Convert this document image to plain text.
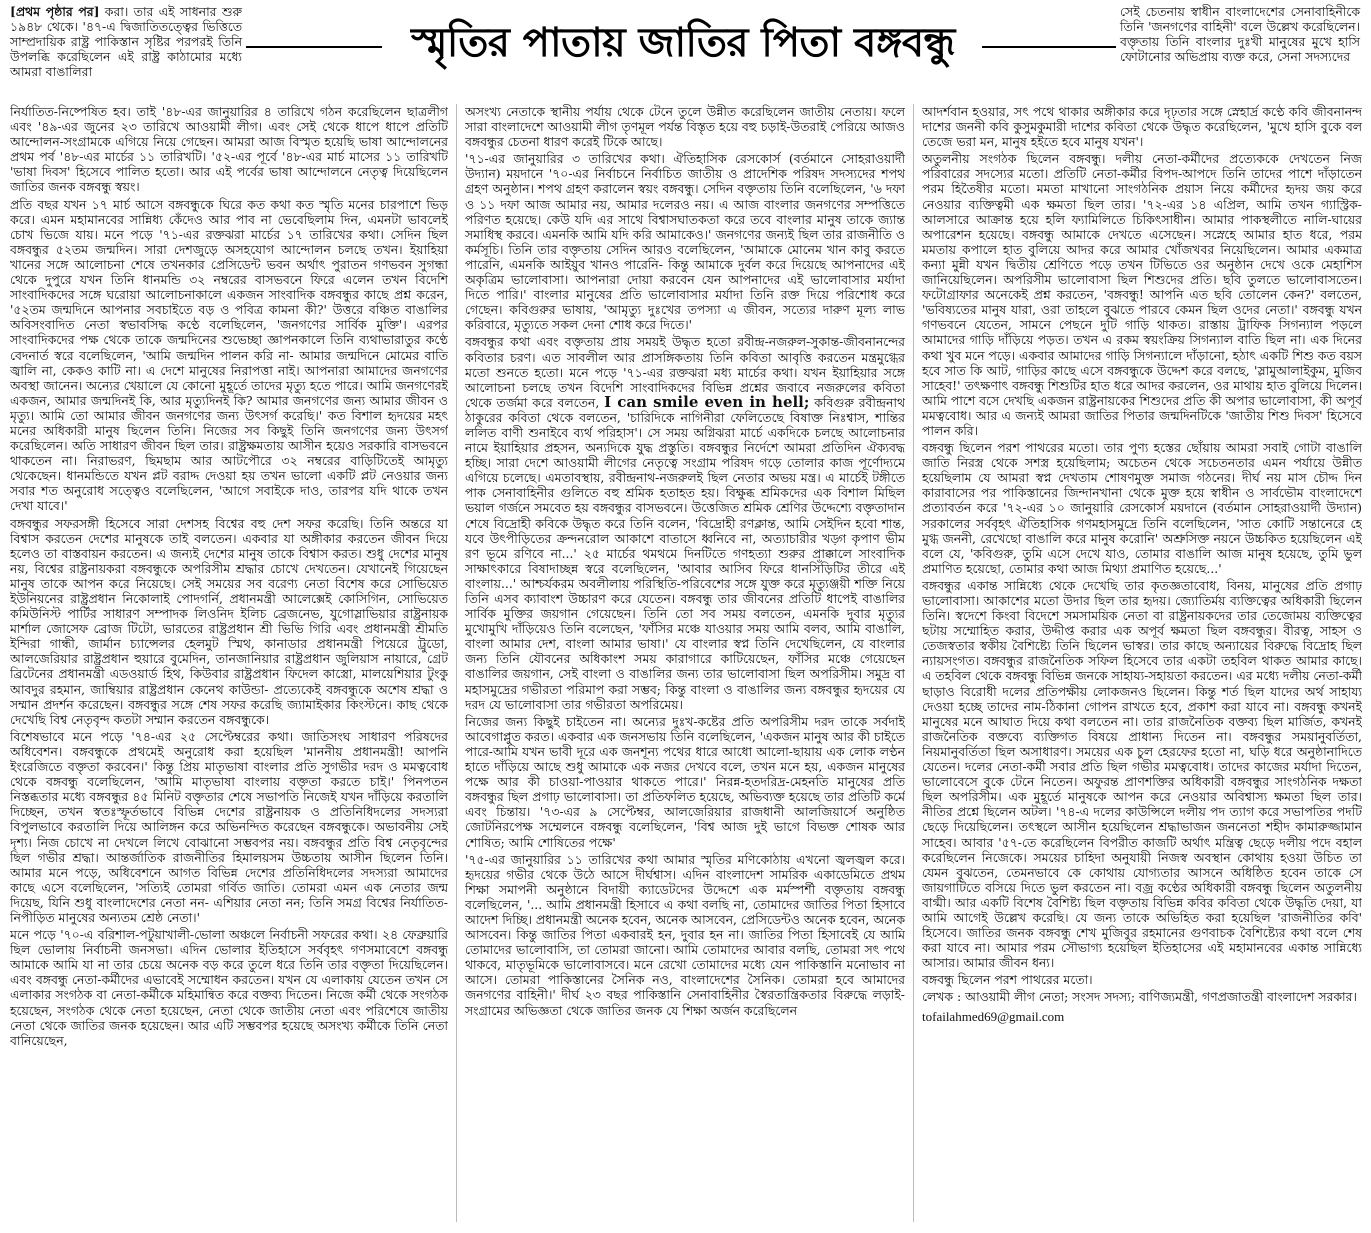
[প্রথম পৃষ্ঠার পর] করা। তার এই সাধনার শুরু ১৯৪৮ থেকে। '৪৭-এ দ্বিজাতিতত্ত্বের ভিত্তিতে সাম্প্রদায়িক রাষ্ট্র পাকিস্তান সৃষ্টির পরপরই তিনি উপলব্ধি করেছিলেন এই রাষ্ট্র কাঠামোর মধ্যে আমরা বাঙালিরা
স্মৃতির পাতায় জাতির পিতা বঙ্গবন্ধু
সেই চেতনায় স্বাধীন বাংলাদেশের সেনাবাহিনীকে তিনি 'জনগণের বাহিনী' বলে উল্লেখ করেছিলেন। বক্তৃতায় তিনি বাংলার দুঃখী মানুষের মুখে হাসি ফোটানোর অভিপ্রায় ব্যক্ত করে, সেনা সদস্যদের

নির্যাতিত-নিষ্পেষিত হব। তাই '৪৮-এর জানুয়ারির ৪ তারিখে গঠন করেছিলেন ছাত্রলীগ এবং '৪৯-এর জুনের ২৩ তারিখে আওয়ামী লীগ। এবং সেই থেকে ধাপে ধাপে প্রতিটি আন্দোলন-সংগ্রামকে এগিয়ে নিয়ে গেছেন। আমরা আজ বিস্মৃত হয়েছি ভাষা আন্দোলনের প্রথম পর্ব '৪৮-এর মার্চের ১১ তারিখটি। '৫২-এর পূর্বে '৪৮-এর মার্চ মাসের ১১ তারিখটি 'ভাষা দিবস' হিসেবে পালিত হতো। আর এই পর্বের ভাষা আন্দোলনে নেতৃত্ব দিয়েছিলেন জাতির জনক বঙ্গবন্ধু স্বয়ং।

প্রতি বছর যখন ১৭ মার্চ আসে বঙ্গবন্ধুকে ঘিরে কত কথা কত স্মৃতি মনের চারপাশে ভিড় করে। এমন মহামানবের সান্নিধ্য কেঁদেও আর পাব না ভেবেছিলাম দিন, এমনটা ভাবলেই চোখ ভিজে যায়। মনে পড়ে '৭১-এর রক্তঝরা মার্চের ১৭ তারিখের কথা। সেদিন ছিল বঙ্গবন্ধুর ৫২তম জন্মদিন। সারা দেশজুড়ে অসহযোগ আন্দোলন চলছে তখন। ইয়াহিয়া খানের সঙ্গে আলোচনা শেষে তখনকার প্রেসিডেন্ট ভবন অর্থাৎ পুরাতন গণভবন সুগন্ধা থেকে দুপুরে যখন তিনি ধানমন্ডি ৩২ নম্বরের বাসভবনে ফিরে এলেন তখন বিদেশি সাংবাদিকদের সঙ্গে ঘরোয়া আলোচনাকালে একজন সাংবাদিক বঙ্গবন্ধুর কাছে প্রশ্ন করেন, '৫২তম জন্মদিনে আপনার সবচাইতে বড় ও পবিত্র কামনা কী?' উত্তরে বঞ্চিত বাঙালির অবিসংবাদিত নেতা স্বভাবসিদ্ধ কণ্ঠে বলেছিলেন, 'জনগণের সার্বিক মুক্তি'। এরপর সাংবাদিকদের পক্ষ থেকে তাকে জন্মদিনের শুভেচ্ছা জ্ঞাপনকালে তিনি ব্যথাভারাতুর কণ্ঠে বেদনার্ত স্বরে বলেছিলেন, 'আমি জন্মদিন পালন করি না- আমার জন্মদিনে মোমের বাতি জ্বালি না, কেকও কাটি না। এ দেশে মানুষের নিরাপত্তা নাই। আপনারা আমাদের জনগণের অবস্থা জানেন। অন্যের খেয়ালে যে কোনো মুহূর্তে তাদের মৃত্যু হতে পারে। আমি জনগণেরই একজন, আমার জন্মদিনই কি, আর মৃত্যুদিনই কি? আমার জনগণের জন্য আমার জীবন ও মৃত্যু। আমি তো আমার জীবন জনগণের জন্য উৎসর্গ করেছি।' কত বিশাল হৃদয়ের মহৎ মনের অধিকারী মানুষ ছিলেন তিনি। নিজের সব কিছুই তিনি জনগণের জন্য উৎসর্গ করেছিলেন। অতি সাধারণ জীবন ছিল তার। রাষ্ট্রক্ষমতায় আসীন হয়েও সরকারি বাসভবনে থাকতেন না। নিরাভরণ, ছিমছাম আর আটপৌরে ৩২ নম্বরের বাড়িটিতেই আমৃত্যু থেকেছেন। ধানমন্ডিতে যখন প্লট বরাদ্দ দেওয়া হয় তখন ভালো একটি প্লট নেওয়ার জন্য সবার শত অনুরোধ সত্ত্বেও বলেছিলেন, 'আগে সবাইকে দাও, তারপর যদি থাকে তখন দেখা যাবে।'

বঙ্গবন্ধুর সফরসঙ্গী হিসেবে সারা দেশসহ বিশ্বের বহু দেশ সফর করেছি। তিনি অন্তরে যা বিশ্বাস করতেন দেশের মানুষকে তাই বলতেন। একবার যা অঙ্গীকার করতেন জীবন দিয়ে হলেও তা বাস্তবায়ন করতেন। এ জন্যই দেশের মানুষ তাকে বিশ্বাস করত। শুধু দেশের মানুষ নয়, বিশ্বের রাষ্ট্রনায়করা বঙ্গবন্ধুকে অপরিসীম শ্রদ্ধার চোখে দেখতেন। যেখানেই গিয়েছেন মানুষ তাকে আপন করে নিয়েছে। সেই সময়ের সব বরেণ্য নেতা বিশেষ করে সোভিয়েত ইউনিয়নের রাষ্ট্রপ্রধান নিকোলাই পোদগর্নি, প্রধানমন্ত্রী আলেক্সেই কোসিগিন, সোভিয়েত কমিউনিস্ট পার্টির সাধারণ সম্পাদক লিওনিদ ইলিচ ব্রেজনেভ, যুগোস্লাভিয়ার রাষ্ট্রনায়ক মার্শাল জোসেফ ব্রোজ টিটো, ভারতের রাষ্ট্রপ্রধান শ্রী ভিভি গিরি এবং প্রধানমন্ত্রী শ্রীমতি ইন্দিরা গান্ধী, জার্মান চ্যান্সেলর হেলমুট স্মিথ, কানাডার প্রধানমন্ত্রী পিয়েরে ট্রুডো, আলজেরিয়ার রাষ্ট্রপ্রধান হুয়ারে বুমেদিন, তানজানিয়ার রাষ্ট্রপ্রধান জুলিয়াস নায়ারে, গ্রেট ব্রিটেনের প্রধানমন্ত্রী এডওয়ার্ড হিথ, কিউবার রাষ্ট্রপ্রধান ফিদেল কাস্ত্রো, মালয়েশিয়ার টুংকু আবদুর রহমান, জাম্বিয়ার রাষ্ট্রপ্রধান কেনেথ কাউন্ডা- প্রত্যেকেই বঙ্গবন্ধুকে অশেষ শ্রদ্ধা ও সম্মান প্রদর্শন করেছেন। বঙ্গবন্ধুর সঙ্গে শেষ সফর করেছি জ্যামাইকার কিংস্টনে। কাছ থেকে দেখেছি বিশ্ব নেতৃবৃন্দ কতটা সম্মান করতেন বঙ্গবন্ধুকে।

বিশেষভাবে মনে পড়ে '৭৪-এর ২৫ সেপ্টেম্বরের কথা। জাতিসংঘ সাধারণ পরিষদের অধিবেশন। বঙ্গবন্ধুকে প্রথমেই অনুরোধ করা হয়েছিল 'মাননীয় প্রধানমন্ত্রী! আপনি ইংরেজিতে বক্তৃতা করবেন।' কিন্তু প্রিয় মাতৃভাষা বাংলার প্রতি সুগভীর দরদ ও মমত্ববোধ থেকে বঙ্গবন্ধু বলেছিলেন, 'আমি মাতৃভাষা বাংলায় বক্তৃতা করতে চাই।' পিনপতন নিস্তব্ধতার মধ্যে বঙ্গবন্ধুর ৪৫ মিনিট বক্তৃতার শেষে সভাপতি নিজেই যখন দাঁড়িয়ে করতালি দিচ্ছেন, তখন স্বতঃস্ফূর্তভাবে বিভিন্ন দেশের রাষ্ট্রনায়ক ও প্রতিনিধিদলের সদস্যরা বিপুলভাবে করতালি দিয়ে আলিঙ্গন করে অভিনন্দিত করেছেন বঙ্গবন্ধুকে। অভাবনীয় সেই দৃশ্য। নিজ চোখে না দেখলে লিখে বোঝানো সম্ভবপর নয়। বঙ্গবন্ধুর প্রতি বিশ্ব নেতৃবৃন্দের ছিল গভীর শ্রদ্ধা। আন্তর্জাতিক রাজনীতির হিমালয়সম উচ্চতায় আসীন ছিলেন তিনি। আমার মনে পড়ে, অধিবেশনে আগত বিভিন্ন দেশের প্রতিনিধিদলের সদস্যরা আমাদের কাছে এসে বলেছিলেন, 'সত্যিই তোমরা গর্বিত জাতি। তোমরা এমন এক নেতার জন্ম দিয়েছ, যিনি শুধু বাংলাদেশের নেতা নন- এশিয়ার নেতা নন; তিনি সমগ্র বিশ্বের নির্যাতিত-নিপীড়িত মানুষের অন্যতম শ্রেষ্ঠ নেতা।'

মনে পড়ে '৭০-এ বরিশাল-পটুয়াখালী-ভোলা অঞ্চলে নির্বাচনী সফরের কথা। ২৪ ফেব্রুয়ারি ছিল ভোলায় নির্বাচনী জনসভা। এদিন ভোলার ইতিহাসে সর্ববৃহৎ গণসমাবেশে বঙ্গবন্ধু আমাকে আমি যা না তার চেয়ে অনেক বড় করে তুলে ধরে তিনি তার বক্তৃতা দিয়েছিলেন। এবং বঙ্গবন্ধু নেতা-কর্মীদের এভাবেই সম্মোধন করতেন। যখন যে এলাকায় যেতেন তখন সে এলাকার সংগঠক বা নেতা-কর্মীকে মহিমান্বিত করে বক্তব্য দিতেন। নিজে কর্মী থেকে সংগঠক হয়েছেন, সংগঠক থেকে নেতা হয়েছেন, নেতা থেকে জাতীয় নেতা এবং পরিশেষে জাতীয় নেতা থেকে জাতির জনক হয়েছেন। আর এটি সম্ভবপর হয়েছে অসংখ্য কর্মীকে তিনি নেতা বানিয়েছেন,

অসংখ্য নেতাকে স্থানীয় পর্যায় থেকে টেনে তুলে উন্নীত করেছিলেন জাতীয় নেতায়। ফলে সারা বাংলাদেশে আওয়ামী লীগ তৃণমূল পর্যন্ত বিস্তৃত হয়ে বহু চড়াই-উতরাই পেরিয়ে আজও বঙ্গবন্ধুর চেতনা ধারণ করেই টিকে আছে।

'৭১-এর জানুয়ারির ৩ তারিখের কথা। ঐতিহাসিক রেসকোর্স (বর্তমানে সোহরাওয়ার্দী উদ্যান) ময়দানে '৭০-এর নির্বাচনে নির্বাচিত জাতীয় ও প্রাদেশিক পরিষদ সদস্যদের শপথ গ্রহণ অনুষ্ঠান। শপথ গ্রহণ করালেন স্বয়ং বঙ্গবন্ধু। সেদিন বক্তৃতায় তিনি বলেছিলেন, '৬ দফা ও ১১ দফা আজ আমার নয়, আমার দলেরও নয়। এ আজ বাংলার জনগণের সম্পত্তিতে পরিণত হয়েছে। কেউ যদি এর সাথে বিশ্বাসঘাতকতা করে তবে বাংলার মানুষ তাকে জ্যান্ত সমাধিস্থ করবে। এমনকি আমি যদি করি আমাকেও।' জনগণের জন্যই ছিল তার রাজনীতি ও কর্মসূচি। তিনি তার বক্তৃতায় সেদিন আরও বলেছিলেন, 'আমাকে মোনেম খান কাবু করতে পারেনি, এমনকি আইয়ুব খানও পারেনি- কিন্তু আমাকে দুর্বল করে দিয়েছে আপনাদের এই অকৃত্রিম ভালোবাসা। আপনারা দোয়া করবেন যেন আপনাদের এই ভালোবাসার মর্যাদা দিতে পারি।' বাংলার মানুষের প্রতি ভালোবাসার মর্যাদা তিনি রক্ত দিয়ে পরিশোধ করে গেছেন। কবিগুরুর ভাষায়, 'আমৃত্যু দুঃখের তপস্যা এ জীবন, সত্যের দারুণ মূল্য লাভ করিবারে, মৃত্যুতে সকল দেনা শোধ করে দিতে।'

বঙ্গবন্ধুর কথা এবং বক্তৃতায় প্রায় সময়ই উদ্ধৃত হতো রবীন্দ্র-নজরুল-সুকান্ত-জীবনানন্দের কবিতার চরণ। এত সাবলীল আর প্রাসঙ্গিকতায় তিনি কবিতা আবৃত্তি করতেন মন্ত্রমুগ্ধের মতো শুনতে হতো। মনে পড়ে '৭১-এর রক্তঝরা মধ্য মার্চের কথা। যখন ইয়াহিয়ার সঙ্গে আলোচনা চলছে তখন বিদেশি সাংবাদিকদের বিভিন্ন প্রশ্নের জবাবে নজরুলের কবিতা থেকে তর্জমা করে বলতেন, I can smile even in hell; কবিগুরু রবীন্দ্রনাথ ঠাকুরের কবিতা থেকে বলতেন, 'চারিদিকে নাগিনীরা ফেলিতেছে বিষাক্ত নিঃশ্বাস, শান্তির ললিত বাণী শুনাইবে ব্যর্থ পরিহাস'। সে সময় অগ্নিঝরা মার্চে একদিকে চলছে আলোচনার নামে ইয়াহিয়ার প্রহসন, অন্যদিকে যুদ্ধ প্রস্তুতি। বঙ্গবন্ধুর নির্দেশে আমরা প্রতিদিন ঐক্যবদ্ধ হচ্ছি। সারা দেশে আওয়ামী লীগের নেতৃত্বে সংগ্রাম পরিষদ গড়ে তোলার কাজ পূর্ণোদ্যমে এগিয়ে চলেছে। এমতাবস্থায়, রবীন্দ্রনাথ-নজরুলই ছিল নেতার অভয় মন্ত্র। এ মার্চেই টঙ্গীতে পাক সেনাবাহিনীর গুলিতে বহু শ্রমিক হতাহত হয়। বিক্ষুব্ধ শ্রমিকদের এক বিশাল মিছিল ভয়াল গর্জনে সমবেত হয় বঙ্গবন্ধুর বাসভবনে। উত্তেজিত শ্রমিক শ্রেণির উদ্দেশ্যে বক্তৃতাদান শেষে বিদ্রোহী কবিকে উদ্ধৃত করে তিনি বলেন, 'বিদ্রোহী রণক্লান্ত, আমি সেইদিন হবো শান্ত, যবে উৎপীড়িতের ক্রন্দনরোল আকাশে বাতাসে ধ্বনিবে না, অত্যাচারীর খড়্গ কৃপাণ ভীম রণ ভূমে রণিবে না...' ২৫ মার্চের থমথমে দিনটিতে গণহত্যা শুরুর প্রাক্কালে সাংবাদিক সাক্ষাৎকারে বিষাদাচ্ছন্ন স্বরে বলেছিলেন, 'আবার আসিব ফিরে ধানসিঁড়িটির তীরে এই বাংলায়...' আশ্চর্যকরম অবলীলায় পরিস্থিতি-পরিবেশের সঙ্গে যুক্ত করে মৃত্যুঞ্জয়ী শক্তি নিয়ে তিনি এসব ক্যাবাংশ উচ্চারণ করে যেতেন। বঙ্গবন্ধু তার জীবনের প্রতিটি ধাপেই বাঙালির সার্বিক মুক্তির জয়গান গেয়েছেন। তিনি তো সব সময় বলতেন, এমনকি দুবার মৃত্যুর মুখোমুখি দাঁড়িয়েও তিনি বলেছেন, 'ফাঁসির মঞ্চে যাওয়ার সময় আমি বলব, আমি বাঙালি, বাংলা আমার দেশ, বাংলা আমার ভাষা।' যে বাংলার স্বপ্ন তিনি দেখেছিলেন, যে বাংলার জন্য তিনি যৌবনের অধিকাংশ সময় কারাগারে কাটিয়েছেন, ফাঁসির মঞ্চে গেয়েছেন বাঙালির জয়গান, সেই বাংলা ও বাঙালির জন্য তার ভালোবাসা ছিল অপরিসীম। সমুদ্র বা মহাসমুদ্রের গভীরতা পরিমাপ করা সম্ভব; কিন্তু বাংলা ও বাঙালির জন্য বঙ্গবন্ধুর হৃদয়ের যে দরদ যে ভালোবাসা তার গভীরতা অপরিমেয়।

নিজের জন্য কিছুই চাইতেন না। অন্যের দুঃখ-কষ্টের প্রতি অপরিসীম দরদ তাকে সর্বদাই আবেগাপ্লুত করত। একবার এক জনসভায় তিনি বলেছিলেন, 'একজন মানুষ আর কী চাইতে পারে-আমি যখন ভাবী দূরে এক জনশূন্য পথের ধারে আধো আলো-ছায়ায় এক লোক লণ্ঠন হাতে দাঁড়িয়ে আছে শুধু আমাকে এক নজর দেখবে বলে, তখন মনে হয়, একজন মানুষের পক্ষে আর কী চাওয়া-পাওয়ার থাকতে পারে।' নিরন্ন-হতদরিদ্র-মেহনতি মানুষের প্রতি বঙ্গবন্ধুর ছিল প্রগাঢ় ভালোবাসা। তা প্রতিফলিত হয়েছে, অভিব্যক্ত হয়েছে তার প্রতিটি কর্মে এবং চিন্তায়। '৭৩-এর ৯ সেপ্টেম্বর, আলজেরিয়ার রাজধানী আলজিয়ার্সে অনুষ্ঠিত জোটনিরপেক্ষ সম্মেলনে বঙ্গবন্ধু বলেছিলেন, 'বিশ্ব আজ দুই ভাগে বিভক্ত শোষক আর শোষিত; আমি শোষিতের পক্ষে'

'৭৫-এর জানুয়ারির ১১ তারিখের কথা আমার স্মৃতির মণিকোঠায় এখনো জ্বলজ্বল করে। হৃদয়ের গভীর থেকে উঠে আসে দীর্ঘশ্বাস। এদিন বাংলাদেশ সামরিক একাডেমিতে প্রথম শিক্ষা সমাপনী অনুষ্ঠানে বিদায়ী ক্যাডেটদের উদ্দেশে এক মর্মস্পর্শী বক্তৃতায় বঙ্গবন্ধু বলেছিলেন, '... আমি প্রধানমন্ত্রী হিসাবে এ কথা বলছি না, তোমাদের জাতির পিতা হিসাবে আদেশ দিচ্ছি। প্রধানমন্ত্রী অনেক হবেন, অনেক আসবেন, প্রেসিডেন্টও অনেক হবেন, অনেক আসবেন। কিন্তু জাতির পিতা একবারই হন, দুবার হন না। জাতির পিতা হিসাবেই যে আমি তোমাদের ভালোবাসি, তা তোমরা জানো। আমি তোমাদের আবার বলছি, তোমরা সৎ পথে থাকবে, মাতৃভূমিকে ভালোবাসবে। মনে রেখো তোমাদের মধ্যে যেন পাকিস্তানি মনোভাব না আসে। তোমরা পাকিস্তানের সৈনিক নও, বাংলাদেশের সৈনিক। তোমরা হবে আমাদের জনগণের বাহিনী।' দীর্ঘ ২৩ বছর পাকিস্তানি সেনাবাহিনীর স্বৈরতান্ত্রিকতার বিরুদ্ধে লড়াই-সংগ্রামের অভিজ্ঞতা থেকে জাতির জনক যে শিক্ষা অর্জন করেছিলেন

আদর্শবান হওয়ার, সৎ পথে থাকার অঙ্গীকার করে দৃঢ়তার সঙ্গে স্নেহার্দ্র কণ্ঠে কবি জীবনানন্দ দাশের জননী কবি কুসুমকুমারী দাশের কবিতা থেকে উদ্ধৃত করেছিলেন, 'মুখে হাসি বুকে বল তেজে ভরা মন, মানুষ হইতে হবে মানুষ যখন'।

অতুলনীয় সংগঠক ছিলেন বঙ্গবন্ধু। দলীয় নেতা-কর্মীদের প্রত্যেককে দেখতেন নিজ পরিবারের সদস্যের মতো। প্রতিটি নেতা-কর্মীর বিপদ-আপদে তিনি তাদের পাশে দাঁড়াতেন পরম হিতৈষীর মতো। মমতা মাখানো সাংগঠনিক প্রয়াস নিয়ে কর্মীদের হৃদয় জয় করে নেওয়ার ব্যক্তিত্বমী এক ক্ষমতা ছিল তার। '৭২-এর ১৪ এপ্রিল, আমি তখন গ্যাস্ট্রিক-আলসারে আক্রান্ত হয়ে হলি ফ্যামিলিতে চিকিৎসাধীন। আমার পাকস্থলীতে নালি-ঘায়ের অপারেশন হয়েছে। বঙ্গবন্ধু আমাকে দেখতে এসেছেন। সস্নেহে আমার হাত ধরে, পরম মমতায় কপালে হাত বুলিয়ে আদর করে আমার খোঁজখবর নিয়েছিলেন। আমার একমাত্র কন্যা মুন্নী যখন দ্বিতীয় শ্রেণিতে পড়ে তখন টিভিতে ওর অনুষ্ঠান দেখে ওকে মেহাশিস জানিয়েছিলেন। অপরিসীম ভালোবাসা ছিল শিশুদের প্রতি। ছবি তুলতে ভালোবাসতেন। ফটোগ্রাফার অনেকেই প্রশ্ন করতেন, 'বঙ্গবন্ধু! আপনি এত ছবি তোলেন কেন?' বলতেন, 'ভবিষ্যতের মানুষ যারা, ওরা তাহলে বুঝতে পারবে কেমন ছিল ওদের নেতা।' বঙ্গবন্ধু যখন গণভবনে যেতেন, সামনে পেছনে দুটি গাড়ি থাকত। রাস্তায় ট্রাফিক সিগন্যাল পড়লে আমাদের গাড়ি দাঁড়িয়ে পড়ত। তখন এ রকম স্বয়ংক্রিয় সিগন্যাল বাতি ছিল না। এক দিনের কথা খুব মনে পড়ে। একবার আমাদের গাড়ি সিগন্যালে দাঁড়ানো, হঠাৎ একটি শিশু কত বয়স হবে সাত কি আট, গাড়ির কাছে এসে বঙ্গবন্ধুকে উদ্দেশ করে বলছে, 'স্লামুআলাইকুম, মুজিব সাহেব!' তৎক্ষণাৎ বঙ্গবন্ধু শিশুটির হাত ধরে আদর করলেন, ওর মাথায় হাত বুলিয়ে দিলেন। আমি পাশে বসে দেখছি একজন রাষ্ট্রনায়কের শিশুদের প্রতি কী অপার ভালোবাসা, কী অপূর্ব মমত্ববোধ। আর এ জন্যই আমরা জাতির পিতার জন্মদিনটিকে 'জাতীয় শিশু দিবস' হিসেবে পালন করি।

বঙ্গবন্ধু ছিলেন পরশ পাথরের মতো। তার পুণ্য হস্তের ছোঁয়ায় আমরা সবাই গোটা বাঙালি জাতি নিরস্ত্র থেকে সশস্ত্র হয়েছিলাম; অচেতন থেকে সচেতনতার এমন পর্যায়ে উন্নীত হয়েছিলাম যে আমরা স্বপ্ন দেখতাম শোষণমুক্ত সমাজ গঠনের। দীর্ঘ নয় মাস চৌদ্দ দিন কারাবাসের পর পাকিস্তানের জিন্দানখানা থেকে মুক্ত হয়ে স্বাধীন ও সার্বভৌম বাংলাদেশে প্রত্যাবর্তন করে '৭২-এর ১০ জানুয়ারি রেসকোর্স ময়দানে (বর্তমান সোহরাওয়ার্দী উদ্যান) সরকালের সর্ববৃহৎ ঐতিহাসিক গণমহাসমুদ্রে তিনি বলেছিলেন, 'সাত কোটি সন্তানেরে হে মুগ্ধ জননী, রেখেছো বাঙালি করে মানুষ করোনি' অশ্রুসিক্ত নয়নে উচ্চকিত হয়েছিলেন এই বলে যে, 'কবিগুরু, তুমি এসে দেখে যাও, তোমার বাঙালি আজ মানুষ হয়েছে, তুমি ভুল প্রমাণিত হয়েছো, তোমার কথা আজ মিথ্যা প্রমাণিত হয়েছে...'

বঙ্গবন্ধুর একান্ত সান্নিধ্যে থেকে দেখেছি তার কৃতজ্ঞতাবোধ, বিনয়, মানুষের প্রতি প্রগাঢ় ভালোবাসা। আকাশের মতো উদার ছিল তার হৃদয়। জ্যোতির্ময় ব্যক্তিত্বের অধিকারী ছিলেন তিনি। স্বদেশে কিংবা বিদেশে সমসাময়িক নেতা বা রাষ্ট্রনায়কদের তার তেজোময় ব্যক্তিত্বের ছটায় সম্মোহিত করার, উদ্দীপ্ত করার এক অপূর্ব ক্ষমতা ছিল বঙ্গবন্ধুর। বীরত্ব, সাহস ও তেজস্বতার স্বকীয় বৈশিষ্ট্যে তিনি ছিলেন ভাস্বর। তার কাছে অন্যায়ের বিরুদ্ধে বিদ্রোহ ছিল ন্যায়সংগত। বঙ্গবন্ধুর রাজনৈতিক সফিল হিসেবে তার একটা তহবিল থাকত আমার কাছে। এ তহবিল থেকে বঙ্গবন্ধু বিভিন্ন জনকে সাহায্য-সহায়তা করতেন। এর মধ্যে দলীয় নেতা-কর্মী ছাড়াও বিরোধী দলের প্রতিপক্ষীয় লোকজনও ছিলেন। কিন্তু শর্ত ছিল যাদের অর্থ সাহায্য দেওয়া হচ্ছে তাদের নাম-ঠিকানা গোপন রাখতে হবে, প্রকাশ করা যাবে না। বঙ্গবন্ধু কখনই মানুষের মনে আঘাত দিয়ে কথা বলতেন না। তার রাজনৈতিক বক্তব্য ছিল মার্জিত, কখনই রাজনৈতিক বক্তব্যে ব্যক্তিগত বিষয়ে প্রাধান্য দিতেন না। বঙ্গবন্ধুর সময়ানুবর্তিতা, নিয়মানুবর্তিতা ছিল অসাধারণ। সময়ের এক চুল হেরফের হতো না, ঘড়ি ধরে অনুষ্ঠানাদিতে যেতেন। দলের নেতা-কর্মী সবার প্রতি ছিল গভীর মমত্ববোধ। তাদের কাজের মর্যাদা দিতেন, ভালোবেসে বুকে টেনে নিতেন। অফুরন্ত প্রাণশক্তির অধিকারী বঙ্গবন্ধুর সাংগঠনিক দক্ষতা ছিল অপরিসীম। এক মুহূর্তে মানুষকে আপন করে নেওয়ার অবিশ্বাস্য ক্ষমতা ছিল তার। নীতির প্রশ্নে ছিলেন অটল। '৭৪-এ দলের কাউন্সিলে দলীয় পদ ত্যাগ করে সভাপতির পদটি ছেড়ে দিয়েছিলেন। তৎস্থলে আসীন হয়েছিলেন শ্রদ্ধাভাজন জননেতা শহীদ কামারুজ্জামান সাহেব। আবার '৫৭-তে করেছিলেন বিপরীত কাজটি অর্থাৎ মন্ত্রিত্ব ছেড়ে দলীয় পদে বহাল করেছিলেন নিজেকে। সময়ের চাহিদা অনুযায়ী নিজস্ব অবস্থান কোথায় হওয়া উচিত তা যেমন বুঝতেন, তেমনভাবে কে কোথায় যোগ্যতার আসনে অধিষ্ঠিত হবেন তাকে সে জায়গাটিতে বসিয়ে দিতে ভুল করতেন না। বজ্র কণ্ঠের অধিকারী বঙ্গবন্ধু ছিলেন অতুলনীয় বাগ্মী। আর একটি বিশেষ বৈশিষ্ট্য ছিল বক্তৃতায় বিভিন্ন কবির কবিতা থেকে উদ্ধৃতি দেয়া, যা আমি আগেই উল্লেখ করেছি। যে জন্য তাকে অভিহিত করা হয়েছিল 'রাজনীতির কবি' হিসেবে। জাতির জনক বঙ্গবন্ধু শেখ মুজিবুর রহমানের গুণবাচক বৈশিষ্ট্যের কথা বলে শেষ করা যাবে না। আমার পরম সৌভাগ্য হয়েছিল ইতিহাসের এই মহামানবের একান্ত সান্নিধ্যে আসার। আমার জীবন ধন্য।

বঙ্গবন্ধু ছিলেন পরশ পাথরের মতো।

লেখক : আওয়ামী লীগ নেতা; সংসদ সদস্য; বাণিজ্যমন্ত্রী, গণপ্রজাতন্ত্রী বাংলাদেশ সরকার।

tofailahmed69@gmail.com
